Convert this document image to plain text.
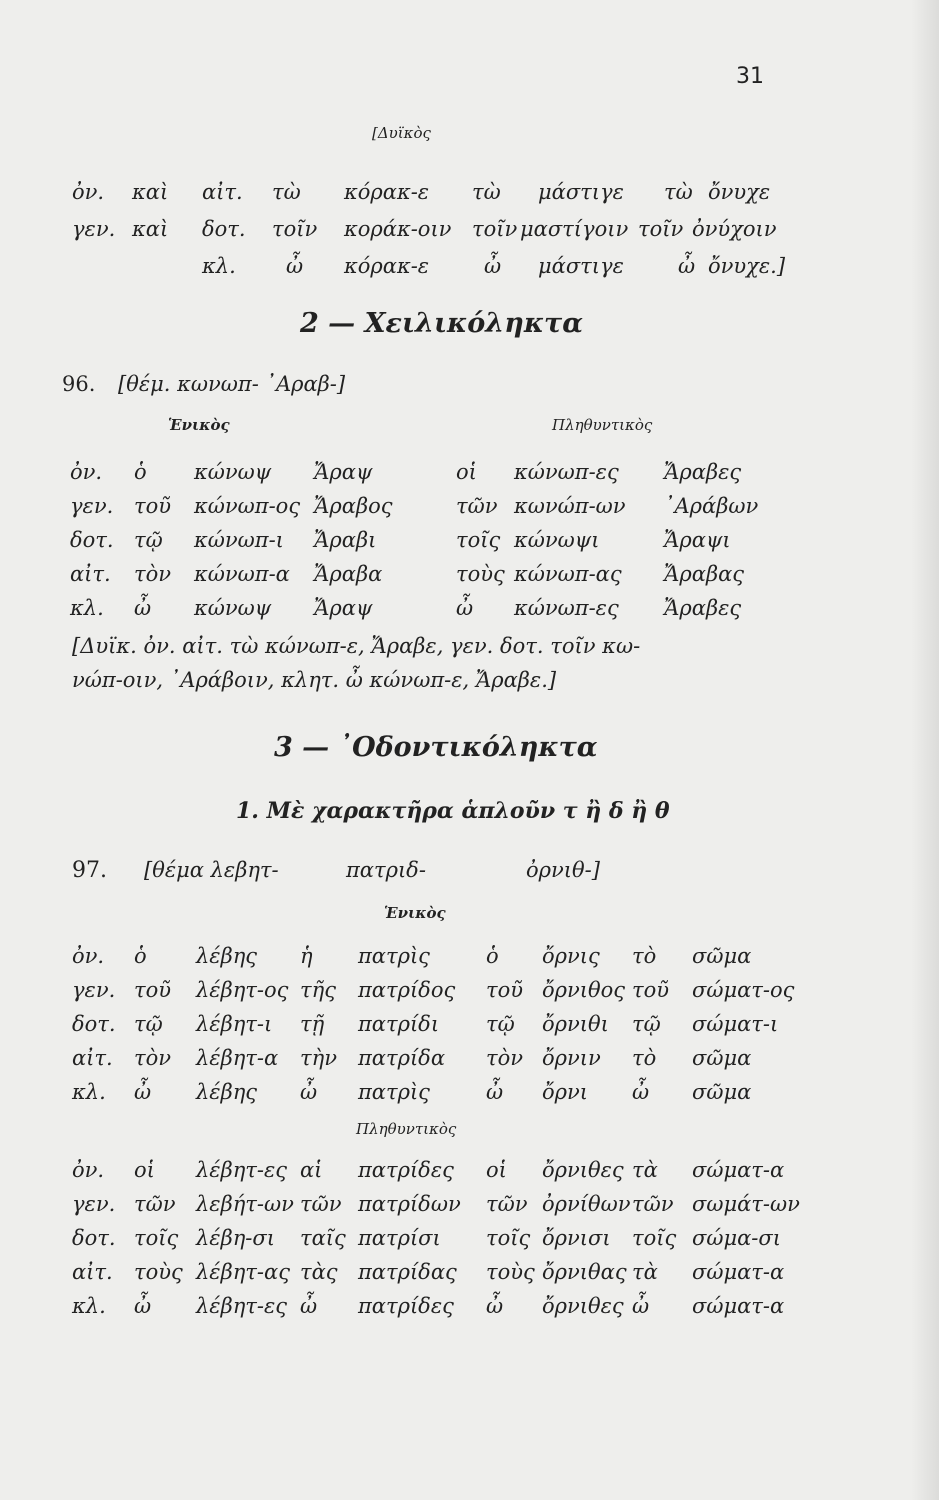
31
[Δυϊκὸς
ὀν. καὶ αἰτ. τὼ κόρακ-ε τὼ μάστιγε τὼ ὄνυχε
γεν. καὶ δοτ. τοῖν κοράκ-οιν τοῖν μαστίγοιν τοῖν ὀνύχοιν
κλ. ὦ κόρακ-ε	ὦ μάστιγε	ὦ ὄνυχε.]
2 — Χειλικόληκτα
96. [θέμ. κωνωπ- ᾿Αραβ-]
Ἑνικὸς	Πληθυντικὸς
ὀν. ὁ κώνωψ Ἄραψ	οἱ κώνωπ-ες Ἄραβες
γεν. τοῦ κώνωπ-ος Ἄραβος	τῶν κωνώπ-ων ᾿Αράβων
δοτ. τῷ κώνωπ-ι Ἄραβι	τοῖς κώνωψι	Ἄραψι
αἰτ. τὸν κώνωπ-α Ἄραβα	τοὺς κώνωπ-ας Ἄραβας
κλ. ὦ κώνωψ Ἄραψ	ὦ κώνωπ-ες Ἄραβες
[Δυϊκ. ὀν. αἰτ. τὼ κώνωπ-ε, Ἄραβε, γεν. δοτ. τοῖν κω-
νώπ-οιν, ᾿Αράβοιν, κλητ. ὦ κώνωπ-ε, Ἄραβε.]
3 — ᾿Οδοντικόληκτα
1. Μὲ χαρακτῆρα ἁπλοῦν τ ἢ δ ἢ θ
97. [θέμα λεβητ-	πατριδ-	ὀρνιθ-]
Ἑνικὸς
ὀν. ὁ λέβης ἡ πατρὶς	ὁ ὄρνις τὸ σῶμα
γεν. τοῦ λέβητ-ος τῆς πατρίδος τοῦ ὄρνιθος τοῦ σώματ-ος
δοτ. τῷ λέβητ-ι τῇ πατρίδι τῷ ὄρνιθι τῷ σώματ-ι
αἰτ. τὸν λέβητ-α τὴν πατρίδα τὸν ὄρνιν τὸ σῶμα
κλ. ὦ λέβης ὦ πατρὶς	ὦ ὄρνι ὦ σῶμα
Πληθυντικὸς
ὀν. οἱ λέβητ-ες αἱ πατρίδες οἱ ὄρνιθες τὰ σώματ-α
γεν. τῶν λεβήτ-ων τῶν πατρίδων τῶν ὀρνίθων τῶν σωμάτ-ων
δοτ. τοῖς λέβη-σι ταῖς πατρίσι τοῖς ὄρνισι τοῖς σώμα-σι
αἰτ. τοὺς λέβητ-ας τὰς πατρίδας τοὺς ὄρνιθας τὰ σώματ-α
κλ. ὦ λέβητ-ες ὦ πατρίδες ὦ ὄρνιθες ὦ σώματ-α
